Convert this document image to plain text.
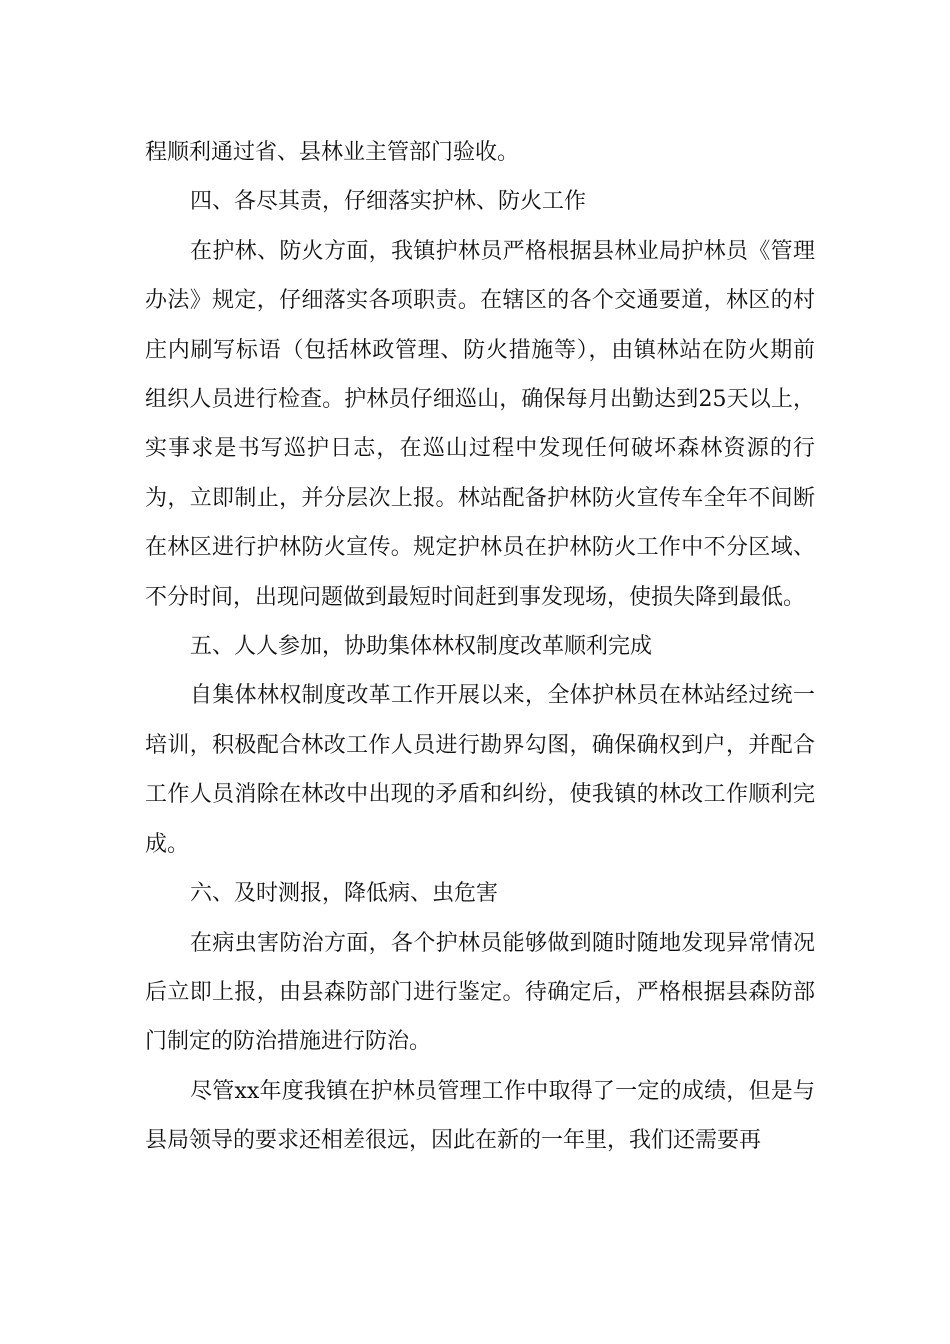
程顺利通过省、县林业主管部门验收。

四、各尽其责，仔细落实护林、防火工作

在护林、防火方面，我镇护林员严格根据县林业局护林员《管理办法》规定，仔细落实各项职责。在辖区的各个交通要道，林区的村庄内刷写标语（包括林政管理、防火措施等），由镇林站在防火期前组织人员进行检查。护林员仔细巡山，确保每月出勤达到25天以上，实事求是书写巡护日志，在巡山过程中发现任何破坏森林资源的行为，立即制止，并分层次上报。林站配备护林防火宣传车全年不间断在林区进行护林防火宣传。规定护林员在护林防火工作中不分区域、不分时间，出现问题做到最短时间赶到事发现场，使损失降到最低。

五、人人参加，协助集体林权制度改革顺利完成

自集体林权制度改革工作开展以来，全体护林员在林站经过统一培训，积极配合林改工作人员进行勘界勾图，确保确权到户，并配合工作人员消除在林改中出现的矛盾和纠纷，使我镇的林改工作顺利完成。

六、及时测报，降低病、虫危害

在病虫害防治方面，各个护林员能够做到随时随地发现异常情况后立即上报，由县森防部门进行鉴定。待确定后，严格根据县森防部门制定的防治措施进行防治。

尽管xx年度我镇在护林员管理工作中取得了一定的成绩，但是与县局领导的要求还相差很远，因此在新的一年里，我们还需要再
